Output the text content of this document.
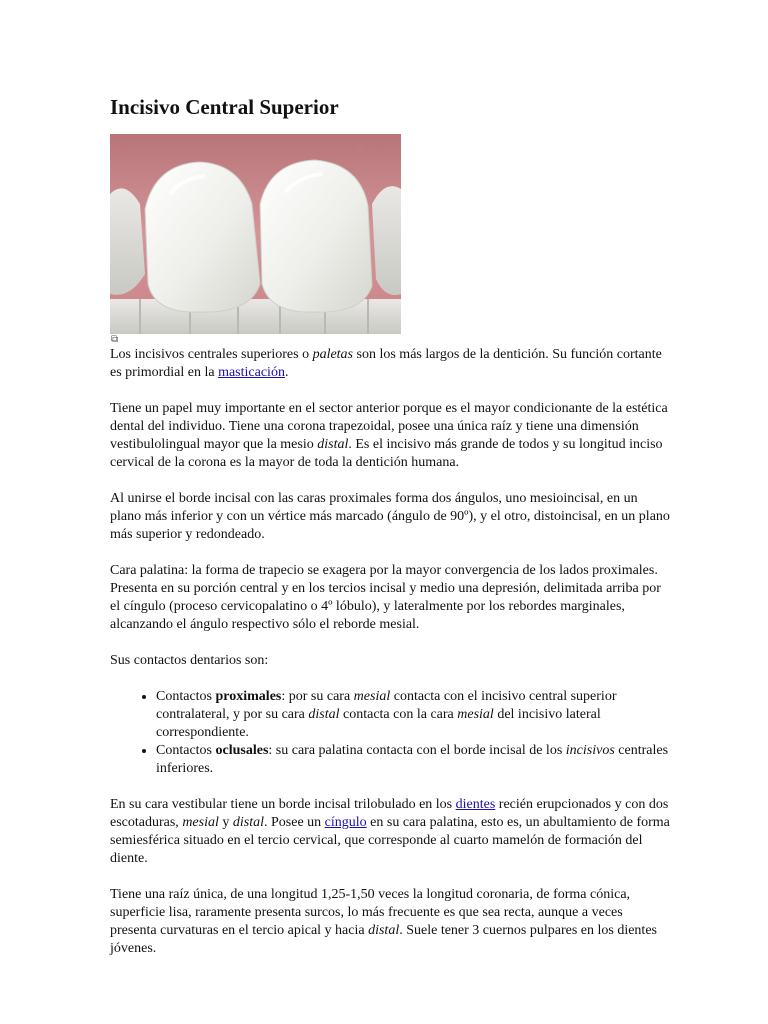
Incisivo Central Superior
⧉

Los incisivos centrales superiores o paletas son los más largos de la dentición. Su función cortante es primordial en la masticación.

Tiene un papel muy importante en el sector anterior porque es el mayor condicionante de la estética dental del individuo. Tiene una corona trapezoidal, posee una única raíz y tiene una dimensión vestibulolingual mayor que la mesio distal. Es el incisivo más grande de todos y su longitud inciso cervical de la corona es la mayor de toda la dentición humana.

Al unirse el borde incisal con las caras proximales forma dos ángulos, uno mesioincisal, en un plano más inferior y con un vértice más marcado (ángulo de 90º), y el otro, distoincisal, en un plano más superior y redondeado.

Cara palatina: la forma de trapecio se exagera por la mayor convergencia de los lados proximales. Presenta en su porción central y en los tercios incisal y medio una depresión, delimitada arriba por el cíngulo (proceso cervicopalatino o 4º lóbulo), y lateralmente por los rebordes marginales, alcanzando el ángulo respectivo sólo el reborde mesial.

Sus contactos dentarios son:

• Contactos proximales: por su cara mesial contacta con el incisivo central superior contralateral, y por su cara distal contacta con la cara mesial del incisivo lateral correspondiente.
• Contactos oclusales: su cara palatina contacta con el borde incisal de los incisivos centrales inferiores.

En su cara vestibular tiene un borde incisal trilobulado en los dientes recién erupcionados y con dos escotaduras, mesial y distal. Posee un cíngulo en su cara palatina, esto es, un abultamiento de forma semiesférica situado en el tercio cervical, que corresponde al cuarto mamelón de formación del diente.

Tiene una raíz única, de una longitud 1,25-1,50 veces la longitud coronaria, de forma cónica, superficie lisa, raramente presenta surcos, lo más frecuente es que sea recta, aunque a veces presenta curvaturas en el tercio apical y hacia distal. Suele tener 3 cuernos pulpares en los dientes jóvenes.
